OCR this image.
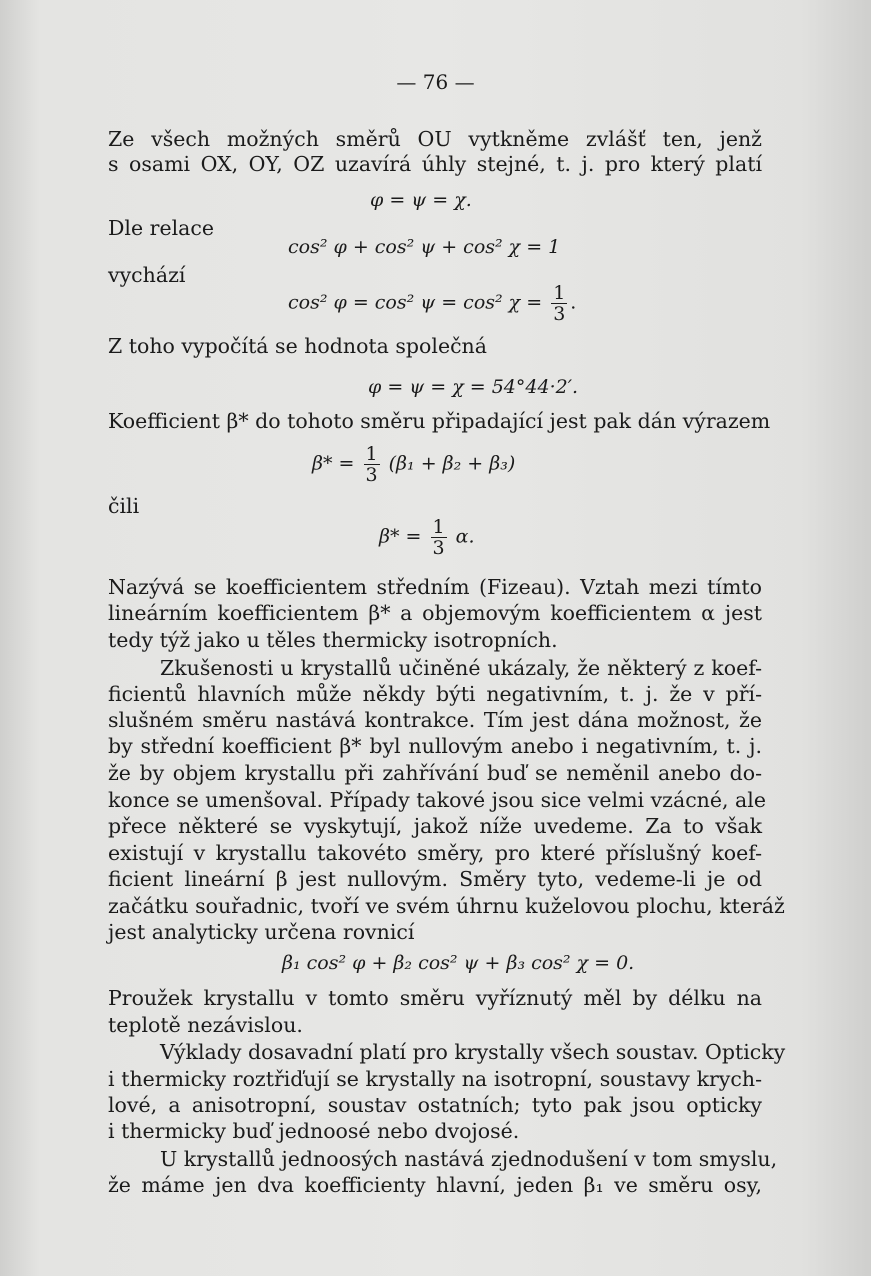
— 76 —
Ze všech možných směrů OU vytkněme zvlášť ten, jenž
s osami OX, OY, OZ uzavírá úhly stejné, t. j. pro který platí
φ = ψ = χ.
Dle relace
cos² φ + cos² ψ + cos² χ = 1
vychází
cos² φ = cos² ψ = cos² $\chi = \frac{1}{3}$ .
Z toho vypočítá se hodnota společná
φ = ψ = χ = 54°44·2′.
Koefficient β* do tohoto směru připadající jest pak dán výrazem
$\beta* = \frac{1}{3} (\beta_1 + \beta_2 + \beta_3)$
čili
$\beta* = \frac{1}{3} \alpha$.
Nazývá se koefficientem středním (Fizeau). Vztah mezi tímto
lineárním koefficientem β* a objemovým koefficientem α jest
tedy týž jako u těles thermicky isotropních.
Zkušenosti u krystallů učiněné ukázaly, že některý z koef-
ficientů hlavních může někdy býti negativním, t. j. že v pří-
slušném směru nastává kontrakce. Tím jest dána možnost, že
by střední koefficient β* byl nullovým anebo i negativním, t. j.
že by objem krystallu při zahřívání buď se neměnil anebo do-
konce se umenšoval. Případy takové jsou sice velmi vzácné, ale
přece některé se vyskytují, jakož níže uvedeme. Za to však
existují v krystallu takovéto směry, pro které příslušný koef-
ficient lineární β jest nullovým. Směry tyto, vedeme-li je od
začátku souřadnic, tvoří ve svém úhrnu kuželovou plochu, kteráž
jest analyticky určena rovnicí
β₁ cos² φ + β₂ cos² ψ + β₃ cos² χ = 0.
Proužek krystallu v tomto směru vyříznutý měl by délku na
teplotě nezávislou.
Výklady dosavadní platí pro krystally všech soustav. Opticky
i thermicky roztřiďují se krystally na isotropní, soustavy krych-
lové, a anisotropní, soustav ostatních; tyto pak jsou opticky
i thermicky buď jednoosé nebo dvojosé.
U krystallů jednoosých nastává zjednodušení v tom smyslu,
že máme jen dva koefficienty hlavní, jeden β₁ ve směru osy,
